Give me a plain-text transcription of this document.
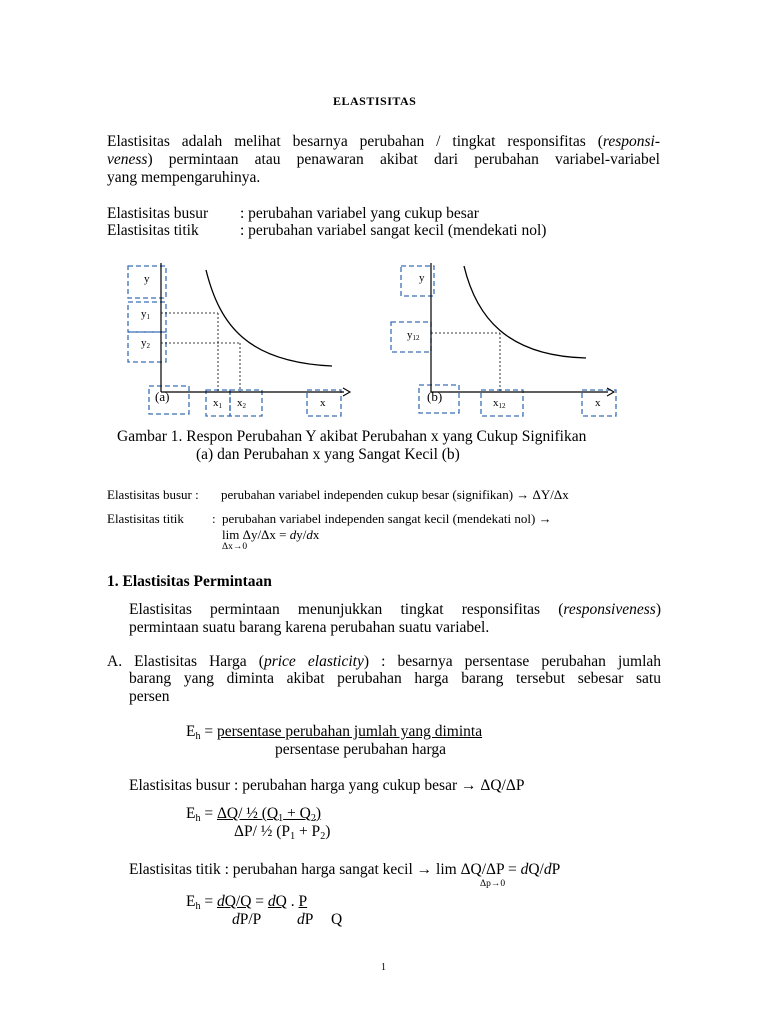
ELASTISITAS
Elastisitas adalah melihat besarnya perubahan / tingkat responsifitas (responsi-
veness) permintaan atau penawaran akibat dari perubahan variabel-variabel
yang mempengaruhinya.
Elastisitas busur : perubahan variabel yang cukup besar
Elastisitas titik	: perubahan variabel sangat kecil (mendekati nol)
y
y1
y2
(a)	x1 x2	x
y
y12
(b)	x12	x
Gambar 1. Respon Perubahan Y akibat Perubahan x yang Cukup Signifikan
(a) dan Perubahan x yang Sangat Kecil (b)
Elastisitas busur : perubahan variabel independen cukup besar (signifikan) → ΔY/Δx
Elastisitas titik : perubahan variabel independen sangat kecil (mendekati nol) →
lim Δy/Δx = dy/dx
Δx→0
1. Elastisitas Permintaan
Elastisitas permintaan menunjukkan tingkat responsifitas (responsiveness)
permintaan suatu barang karena perubahan suatu variabel.
A. Elastisitas Harga (price elasticity) : besarnya persentase perubahan jumlah
barang yang diminta akibat perubahan harga barang tersebut sebesar satu
persen
$E_h$ = persentase perubahan jumlah yang diminta
persentase perubahan harga
Elastisitas busur : perubahan harga yang cukup besar → ΔQ/ΔP
$E_h = \Delta Q/$ ½ $(Q_1 + Q_2)$
ΔP/ ½ $(P_1 + P_2)$
Elastisitas titik : perubahan harga sangat kecil → lim ΔQ/ΔP = dQ/dP
Δp→0
$E_h = dQ/Q$ = dQ . P
dP/P dP Q
1
